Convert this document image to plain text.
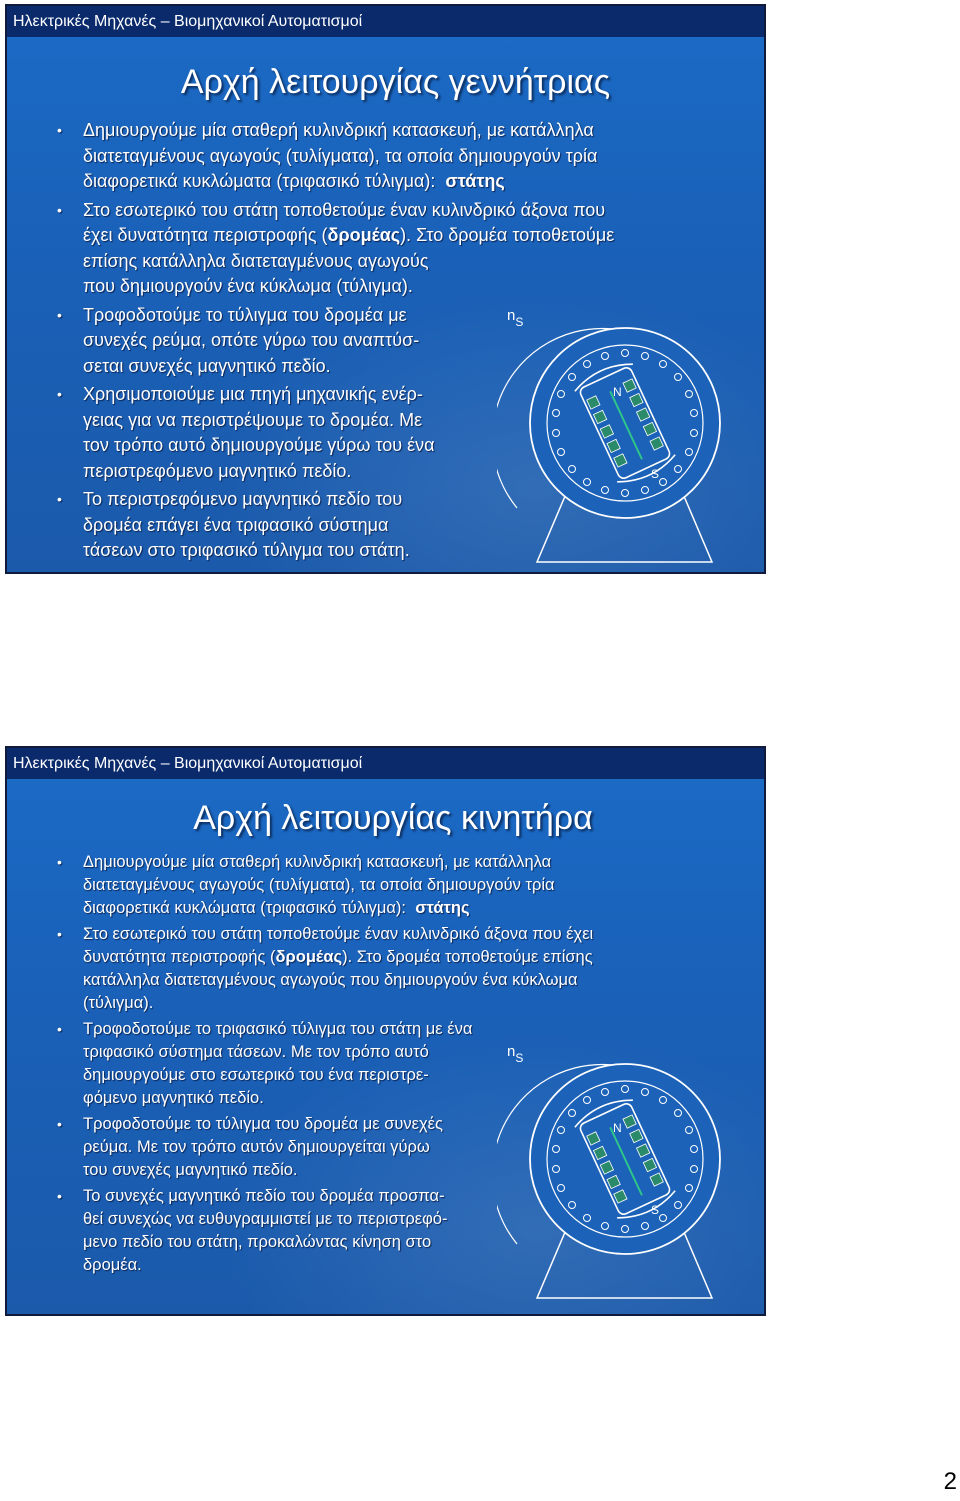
Ηλεκτρικές Μηχανές – Βιομηχανικοί Αυτοματισμοί
Αρχή λειτουργίας γεννήτριας
• Δημιουργούμε μία σταθερή κυλινδρική κατασκευή, με κατάλληλα
διατεταγμένους αγωγούς (τυλίγματα), τα οποία δημιουργούν τρία
διαφορετικά κυκλώματα (τριφασικό τύλιγμα): στάτης
• Στο εσωτερικό του στάτη τοποθετούμε έναν κυλινδρικό άξονα που
έχει δυνατότητα περιστροφής (δρομέας). Στο δρομέα τοποθετούμε
επίσης κατάλληλα διατεταγμένους αγωγούς
που δημιουργούν ένα κύκλωμα (τύλιγμα).
• Τροφοδοτούμε το τύλιγμα του δρομέα με
συνεχές ρεύμα, οπότε γύρω του αναπτύσ-
σεται συνεχές μαγνητικό πεδίο.
• Χρησιμοποιούμε μια πηγή μηχανικής ενέρ-
γειας για να περιστρέψουμε το δρομέα. Με
τον τρόπο αυτό δημιουργούμε γύρω του ένα
περιστρεφόμενο μαγνητικό πεδίο.
• Το περιστρεφόμενο μαγνητικό πεδίο του
δρομέα επάγει ένα τριφασικό σύστημα
τάσεων στο τριφασικό τύλιγμα του στάτη.
$n_S$
N
S
Ηλεκτρικές Μηχανές – Βιομηχανικοί Αυτοματισμοί
Αρχή λειτουργίας κινητήρα
• Δημιουργούμε μία σταθερή κυλινδρική κατασκευή, με κατάλληλα
διατεταγμένους αγωγούς (τυλίγματα), τα οποία δημιουργούν τρία
διαφορετικά κυκλώματα (τριφασικό τύλιγμα): στάτης
• Στο εσωτερικό του στάτη τοποθετούμε έναν κυλινδρικό άξονα που έχει
δυνατότητα περιστροφής (δρομέας). Στο δρομέα τοποθετούμε επίσης
κατάλληλα διατεταγμένους αγωγούς που δημιουργούν ένα κύκλωμα
(τύλιγμα).
• Τροφοδοτούμε το τριφασικό τύλιγμα του στάτη με ένα
τριφασικό σύστημα τάσεων. Με τον τρόπο αυτό
δημιουργούμε στο εσωτερικό του ένα περιστρε-
φόμενο μαγνητικό πεδίο.
• Τροφοδοτούμε το τύλιγμα του δρομέα με συνεχές
ρεύμα. Με τον τρόπο αυτόν δημιουργείται γύρω
του συνεχές μαγνητικό πεδίο.
• Το συνεχές μαγνητικό πεδίο του δρομέα προσπα-
θεί συνεχώς να ευθυγραμμιστεί με το περιστρεφό-
μενο πεδίο του στάτη, προκαλώντας κίνηση στο
δρομέα.
$n_S$
N
S
2
